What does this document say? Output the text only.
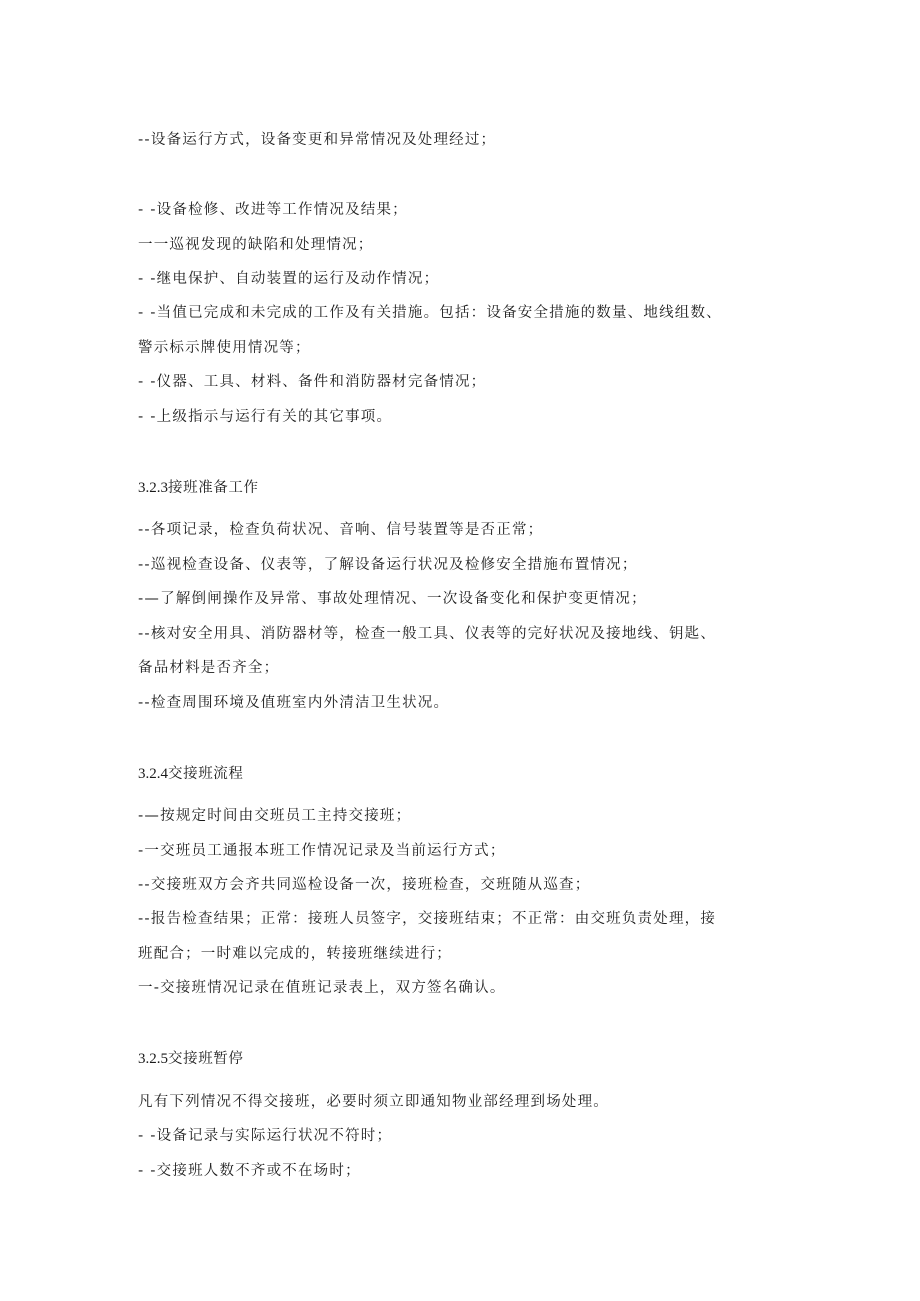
--设备运行方式，设备变更和异常情况及处理经过；
- -设备检修、改进等工作情况及结果；
一一巡视发现的缺陷和处理情况；
- -继电保护、自动装置的运行及动作情况；
- -当值已完成和未完成的工作及有关措施。包括：设备安全措施的数量、地线组数、
警示标示牌使用情况等；
- -仪器、工具、材料、备件和消防器材完备情况；
- -上级指示与运行有关的其它事项。
3.2.3接班准备工作
--各项记录，检查负荷状况、音响、信号装置等是否正常；
--巡视检查设备、仪表等，了解设备运行状况及检修安全措施布置情况；
-—了解倒闸操作及异常、事故处理情况、一次设备变化和保护变更情况；
--核对安全用具、消防器材等，检查一般工具、仪表等的完好状况及接地线、钥匙、
备品材料是否齐全；
--检查周围环境及值班室内外清洁卫生状况。
3.2.4交接班流程
-—按规定时间由交班员工主持交接班；
-一交班员工通报本班工作情况记录及当前运行方式；
--交接班双方会齐共同巡检设备一次，接班检查，交班随从巡查；
--报告检查结果；正常：接班人员签字，交接班结束；不正常：由交班负责处理，接
班配合；一时难以完成的，转接班继续进行；
一-交接班情况记录在值班记录表上，双方签名确认。
3.2.5交接班暂停
凡有下列情况不得交接班，必要时须立即通知物业部经理到场处理。
- -设备记录与实际运行状况不符时；
- -交接班人数不齐或不在场时；
